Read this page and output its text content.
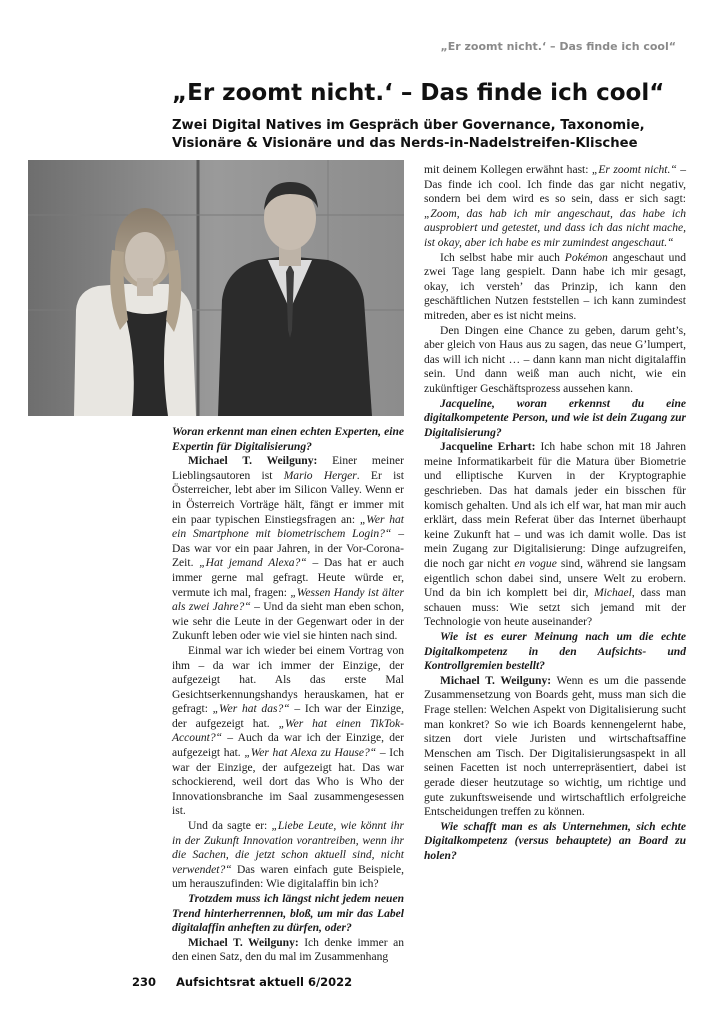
„Er zoomt nicht.‘ – Das finde ich cool“
„Er zoomt nicht.‘ – Das finde ich cool“
Zwei Digital Natives im Gespräch über Governance, Taxonomie, Visionäre & Visionäre und das Nerds-in-Nadelstreifen-Klischee

Woran erkennt man einen echten Experten, eine Expertin für Digitalisierung?

Michael T. Weilguny: Einer meiner Lieblingsautoren ist Mario Herger. Er ist Österreicher, lebt aber im Silicon Valley. Wenn er in Österreich Vorträge hält, fängt er immer mit ein paar typischen Einstiegsfragen an: „Wer hat ein Smartphone mit biometrischem Login?“ – Das war vor ein paar Jahren, in der Vor-Corona-Zeit. „Hat jemand Alexa?“ – Das hat er auch immer gerne mal gefragt. Heute würde er, vermute ich mal, fragen: „Wessen Handy ist älter als zwei Jahre?“ – Und da sieht man eben schon, wie sehr die Leute in der Gegenwart oder in der Zukunft leben oder wie viel sie hinten nach sind.

Einmal war ich wieder bei einem Vortrag von ihm – da war ich immer der Einzige, der aufgezeigt hat. Als das erste Mal Gesichtserkennungshandys herauskamen, hat er gefragt: „Wer hat das?“ – Ich war der Einzige, der aufgezeigt hat. „Wer hat einen TikTok-Account?“ – Auch da war ich der Einzige, der aufgezeigt hat. „Wer hat Alexa zu Hause?“ – Ich war der Einzige, der aufgezeigt hat. Das war schockierend, weil dort das Who is Who der Innovationsbranche im Saal zusammengesessen ist.

Und da sagte er: „Liebe Leute, wie könnt ihr in der Zukunft Innovation vorantreiben, wenn ihr die Sachen, die jetzt schon aktuell sind, nicht verwendet?“ Das waren einfach gute Beispiele, um herauszufinden: Wie digitalaffin bin ich?

Trotzdem muss ich längst nicht jedem neuen Trend hinterherrennen, bloß, um mir das Label digitalaffin anheften zu dürfen, oder?

Michael T. Weilguny: Ich denke immer an den einen Satz, den du mal im Zusammenhang

mit deinem Kollegen erwähnt hast: „Er zoomt nicht.“ – Das finde ich cool. Ich finde das gar nicht negativ, sondern bei dem wird es so sein, dass er sich sagt: „Zoom, das hab ich mir angeschaut, das habe ich ausprobiert und getestet, und dass ich das nicht mache, ist okay, aber ich habe es mir zumindest angeschaut.“

Ich selbst habe mir auch Pokémon angeschaut und zwei Tage lang gespielt. Dann habe ich mir gesagt, okay, ich versteh’ das Prinzip, ich kann den geschäftlichen Nutzen feststellen – ich kann zumindest mitreden, aber es ist nicht meins.

Den Dingen eine Chance zu geben, darum geht’s, aber gleich von Haus aus zu sagen, das neue G’lumpert, das will ich nicht … – dann kann man nicht digitalaffin sein. Und dann weiß man auch nicht, wie ein zukünftiger Geschäftsprozess aussehen kann.

Jacqueline, woran erkennst du eine digitalkompetente Person, und wie ist dein Zugang zur Digitalisierung?

Jacqueline Erhart: Ich habe schon mit 18 Jahren meine Informatikarbeit für die Matura über Biometrie und elliptische Kurven in der Kryptographie geschrieben. Das hat damals jeder ein bisschen für komisch gehalten. Und als ich elf war, hat man mir auch erklärt, dass mein Referat über das Internet überhaupt keine Zukunft hat – und was ich damit wolle. Das ist mein Zugang zur Digitalisierung: Dinge aufzugreifen, die noch gar nicht en vogue sind, während sie langsam eigentlich schon dabei sind, unsere Welt zu erobern. Und da bin ich komplett bei dir, Michael, dass man schauen muss: Wie setzt sich jemand mit der Technologie von heute auseinander?

Wie ist es eurer Meinung nach um die echte Digitalkompetenz in den Aufsichts- und Kontrollgremien bestellt?

Michael T. Weilguny: Wenn es um die passende Zusammensetzung von Boards geht, muss man sich die Frage stellen: Welchen Aspekt von Digitalisierung sucht man konkret? So wie ich Boards kennengelernt habe, sitzen dort viele Juristen und wirtschaftsaffine Menschen am Tisch. Der Digitalisierungsaspekt in all seinen Facetten ist noch unterrepräsentiert, dabei ist gerade dieser heutzutage so wichtig, um richtige und gute zukunftsweisende und wirtschaftlich erfolgreiche Entscheidungen treffen zu können.

Wie schafft man es als Unternehmen, sich echte Digitalkompetenz (versus behauptete) an Board zu holen?

230 Aufsichtsrat aktuell 6/2022
